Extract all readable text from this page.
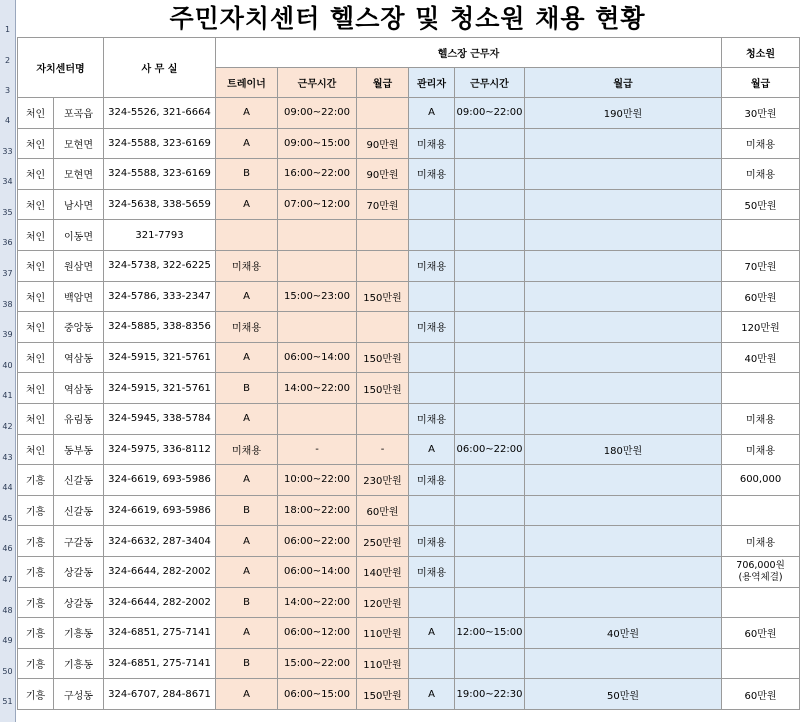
1
2
3
4
33
34
35
36
37
38
39
40
41
42
43
44
45
46
47
48
49
50
51
주민자치센터 헬스장 및 청소원 채용 현황
자치센터명		사 무 실	헬스장 근무자						청소원
			트레이너	근무시간	월급	관리자	근무시간	월급	월급
처인	포곡읍	324-5526, 321-6664	A	09:00~22:00		A	09:00~22:00	190만원	30만원
처인	모현면	324-5588, 323-6169	A	09:00~15:00	90만원	미채용			미채용
처인	모현면	324-5588, 323-6169	B	16:00~22:00	90만원	미채용			미채용
처인	남사면	324-5638, 338-5659	A	07:00~12:00	70만원				50만원
처인	이동면	321-7793							
처인	원삼면	324-5738, 322-6225	미채용			미채용			70만원
처인	백암면	324-5786, 333-2347	A	15:00~23:00	150만원				60만원
처인	중앙동	324-5885, 338-8356	미채용			미채용			120만원
처인	역삼동	324-5915, 321-5761	A	06:00~14:00	150만원				40만원
처인	역삼동	324-5915, 321-5761	B	14:00~22:00	150만원				
처인	유림동	324-5945, 338-5784	A			미채용			미채용
처인	동부동	324-5975, 336-8112	미채용	-	-	A	06:00~22:00	180만원	미채용
기흥	신갈동	324-6619, 693-5986	A	10:00~22:00	230만원	미채용			600,000
기흥	신갈동	324-6619, 693-5986	B	18:00~22:00	60만원				
기흥	구갈동	324-6632, 287-3404	A	06:00~22:00	250만원	미채용			미채용
기흥	상갈동	324-6644, 282-2002	A	06:00~14:00	140만원	미채용			706,000원
(용역체결)
기흥	상갈동	324-6644, 282-2002	B	14:00~22:00	120만원				
기흥	기흥동	324-6851, 275-7141	A	06:00~12:00	110만원	A	12:00~15:00	40만원	60만원
기흥	기흥동	324-6851, 275-7141	B	15:00~22:00	110만원				
기흥	구성동	324-6707, 284-8671	A	06:00~15:00	150만원	A	19:00~22:30	50만원	60만원
